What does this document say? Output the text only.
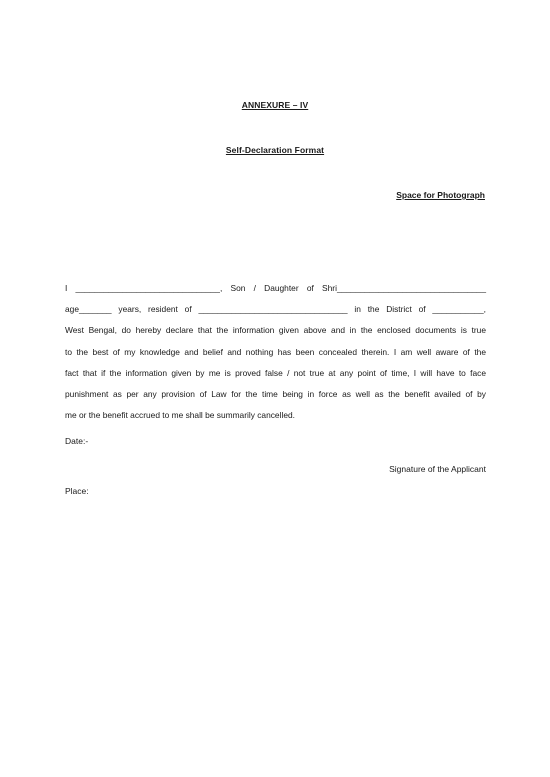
ANNEXURE – IV
Self-Declaration Format
Space for Photograph
I _______________________________, Son / Daughter of Shri________________________________
age_______ years, resident of ________________________________ in the District of ___________,
West Bengal, do hereby declare that the information given above and in the enclosed documents is true
to the best of my knowledge and belief and nothing has been concealed therein. I am well aware of the
fact that if the information given by me is proved false / not true at any point of time, I will have to face
punishment as per any provision of Law for the time being in force as well as the benefit availed of by
me or the benefit accrued to me shall be summarily cancelled.
Date:-
Signature of the Applicant
Place:
